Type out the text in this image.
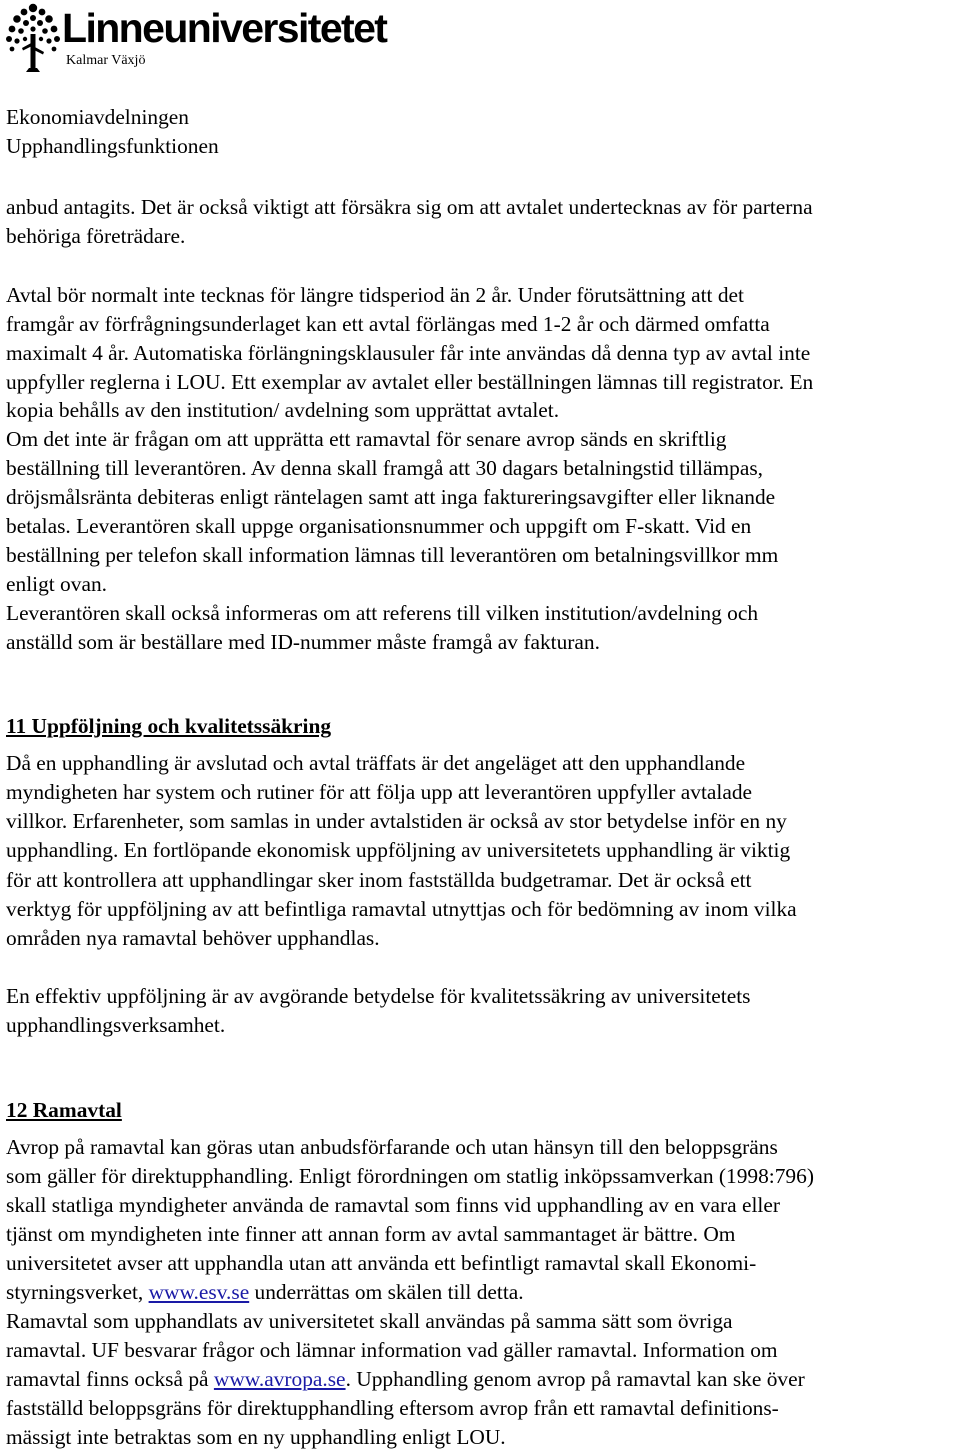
Linneuniversitetet
Kalmar Växjö
Ekonomiavdelningen
Upphandlingsfunktionen
anbud antagits. Det är också viktigt att försäkra sig om att avtalet undertecknas av för parterna
behöriga företrädare.
Avtal bör normalt inte tecknas för längre tidsperiod än 2 år. Under förutsättning att det
framgår av förfrågningsunderlaget kan ett avtal förlängas med 1-2 år och därmed omfatta
maximalt 4 år. Automatiska förlängningsklausuler får inte användas då denna typ av avtal inte
uppfyller reglerna i LOU. Ett exemplar av avtalet eller beställningen lämnas till registrator. En
kopia behålls av den institution/ avdelning som upprättat avtalet.
Om det inte är frågan om att upprätta ett ramavtal för senare avrop sänds en skriftlig
beställning till leverantören. Av denna skall framgå att 30 dagars betalningstid tillämpas,
dröjsmålsränta debiteras enligt räntelagen samt att inga faktureringsavgifter eller liknande
betalas. Leverantören skall uppge organisationsnummer och uppgift om F-skatt. Vid en
beställning per telefon skall information lämnas till leverantören om betalningsvillkor mm
enligt ovan.
Leverantören skall också informeras om att referens till vilken institution/avdelning och
anställd som är beställare med ID-nummer måste framgå av fakturan.
11 Uppföljning och kvalitetssäkring
Då en upphandling är avslutad och avtal träffats är det angeläget att den upphandlande
myndigheten har system och rutiner för att följa upp att leverantören uppfyller avtalade
villkor. Erfarenheter, som samlas in under avtalstiden är också av stor betydelse inför en ny
upphandling. En fortlöpande ekonomisk uppföljning av universitetets upphandling är viktig
för att kontrollera att upphandlingar sker inom fastställda budgetramar. Det är också ett
verktyg för uppföljning av att befintliga ramavtal utnyttjas och för bedömning av inom vilka
områden nya ramavtal behöver upphandlas.
En effektiv uppföljning är av avgörande betydelse för kvalitetssäkring av universitetets
upphandlingsverksamhet.
12 Ramavtal
Avrop på ramavtal kan göras utan anbudsförfarande och utan hänsyn till den beloppsgräns
som gäller för direktupphandling. Enligt förordningen om statlig inköpssamverkan (1998:796)
skall statliga myndigheter använda de ramavtal som finns vid upphandling av en vara eller
tjänst om myndigheten inte finner att annan form av avtal sammantaget är bättre. Om
universitetet avser att upphandla utan att använda ett befintligt ramavtal skall Ekonomi-
styrningsverket, www.esv.se underrättas om skälen till detta.
Ramavtal som upphandlats av universitetet skall användas på samma sätt som övriga
ramavtal. UF besvarar frågor och lämnar information vad gäller ramavtal. Information om
ramavtal finns också på www.avropa.se. Upphandling genom avrop på ramavtal kan ske över
fastställd beloppsgräns för direktupphandling eftersom avrop från ett ramavtal definitions-
mässigt inte betraktas som en ny upphandling enligt LOU.
